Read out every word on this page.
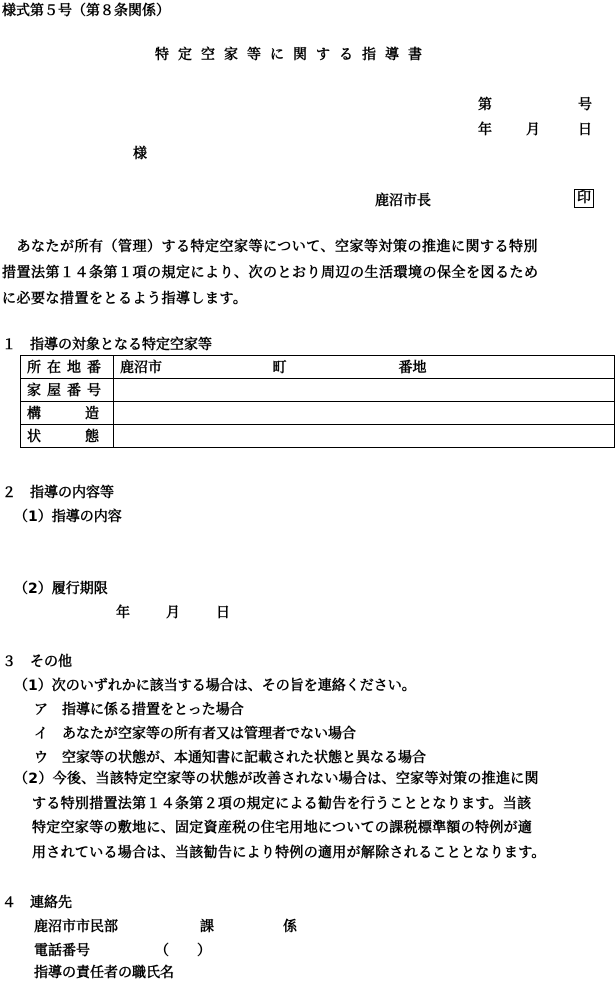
様式第５号（第８条関係）
特定空家等に関する指導書
第	号
年 月	日
様
鹿沼市長	印
　あなたが所有（管理）する特定空家等について、空家等対策の推進に関する特別
措置法第１４条第１項の規定により、次のとおり周辺の生活環境の保全を図るため
に必要な措置をとるよう指導します。
１　指導の対象となる特定空家等
所在地番	鹿沼市 町 番地

家屋番号	

構 造	

状 態	

２　指導の内容等
（1）指導の内容
（2）履行期限
年	月	日
３　その他
（1）次のいずれかに該当する場合は、その旨を連絡ください。
ア　指導に係る措置をとった場合
イ　あなたが空家等の所有者又は管理者でない場合
ウ　空家等の状態が、本通知書に記載された状態と異なる場合
（2）今後、当該特定空家等の状態が改善されない場合は、空家等対策の推進に関
する特別措置法第１４条第２項の規定による勧告を行うこととなります。当該
特定空家等の敷地に、固定資産税の住宅用地についての課税標準額の特例が適
用されている場合は、当該勧告により特例の適用が解除されることとなります。
４　連絡先
鹿沼市市民部	課	係
電話番号	（　　）
指導の責任者の職氏名
